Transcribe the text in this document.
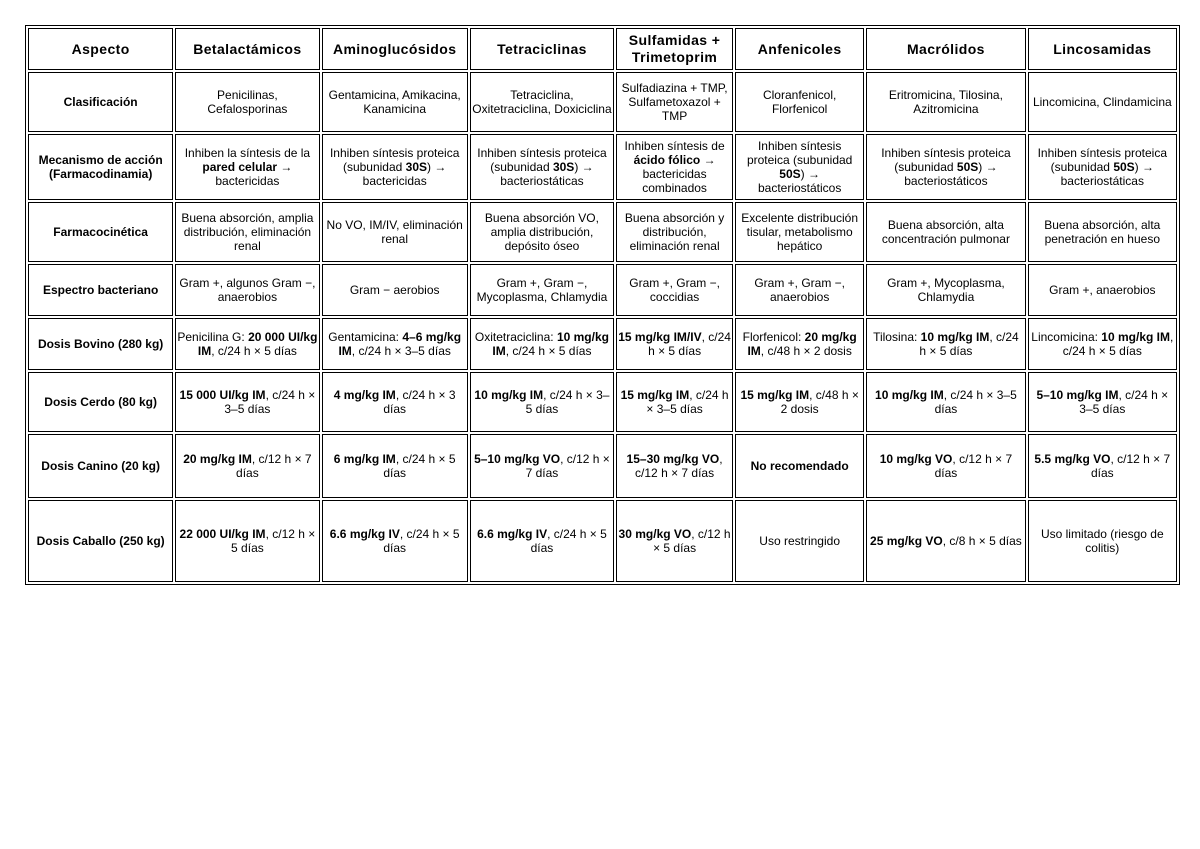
Aspecto	Betalactámicos	Aminoglucósidos	Tetraciclinas	Sulfamidas + Trimetoprim	Anfenicoles	Macrólidos	Lincosamidas
Clasificación	Penicilinas, Cefalosporinas	Gentamicina, Amikacina, Kanamicina	Tetraciclina, Oxitetraciclina, Doxiciclina	Sulfadiazina + TMP, Sulfametoxazol + TMP	Cloranfenicol, Florfenicol	Eritromicina, Tilosina, Azitromicina	Lincomicina, Clindamicina
Mecanismo de acción (Farmacodinamia)	Inhiben la síntesis de la pared celular → bactericidas	Inhiben síntesis proteica (subunidad 30S) → bactericidas	Inhiben síntesis proteica (subunidad 30S) → bacteriostáticas	Inhiben síntesis de ácido fólico → bactericidas combinados	Inhiben síntesis proteica (subunidad 50S) → bacteriostáticos	Inhiben síntesis proteica (subunidad 50S) → bacteriostáticos	Inhiben síntesis proteica (subunidad 50S) → bacteriostáticas
Farmacocinética	Buena absorción, amplia distribución, eliminación renal	No VO, IM/IV, eliminación renal	Buena absorción VO, amplia distribución, depósito óseo	Buena absorción y distribución, eliminación renal	Excelente distribución tisular, metabolismo hepático	Buena absorción, alta concentración pulmonar	Buena absorción, alta penetración en hueso
Espectro bacteriano	Gram +, algunos Gram −, anaerobios	Gram − aerobios	Gram +, Gram −, Mycoplasma, Chlamydia	Gram +, Gram −, coccidias	Gram +, Gram −, anaerobios	Gram +, Mycoplasma, Chlamydia	Gram +, anaerobios
Dosis Bovino (280 kg)	Penicilina G: 20 000 UI/kg IM, c/24 h × 5 días	Gentamicina: 4–6 mg/kg IM, c/24 h × 3–5 días	Oxitetraciclina: 10 mg/kg IM, c/24 h × 5 días	15 mg/kg IM/IV, c/24 h × 5 días	Florfenicol: 20 mg/kg IM, c/48 h × 2 dosis	Tilosina: 10 mg/kg IM, c/24 h × 5 días	Lincomicina: 10 mg/kg IM, c/24 h × 5 días
Dosis Cerdo (80 kg)	15 000 UI/kg IM, c/24 h × 3–5 días	4 mg/kg IM, c/24 h × 3 días	10 mg/kg IM, c/24 h × 3–5 días	15 mg/kg IM, c/24 h × 3–5 días	15 mg/kg IM, c/48 h × 2 dosis	10 mg/kg IM, c/24 h × 3–5 días	5–10 mg/kg IM, c/24 h × 3–5 días
Dosis Canino (20 kg)	20 mg/kg IM, c/12 h × 7 días	6 mg/kg IM, c/24 h × 5 días	5–10 mg/kg VO, c/12 h × 7 días	15–30 mg/kg VO, c/12 h × 7 días	No recomendado	10 mg/kg VO, c/12 h × 7 días	5.5 mg/kg VO, c/12 h × 7 días
Dosis Caballo (250 kg)	22 000 UI/kg IM, c/12 h × 5 días	6.6 mg/kg IV, c/24 h × 5 días	6.6 mg/kg IV, c/24 h × 5 días	30 mg/kg VO, c/12 h × 5 días	Uso restringido	25 mg/kg VO, c/8 h × 5 días	Uso limitado (riesgo de colitis)
